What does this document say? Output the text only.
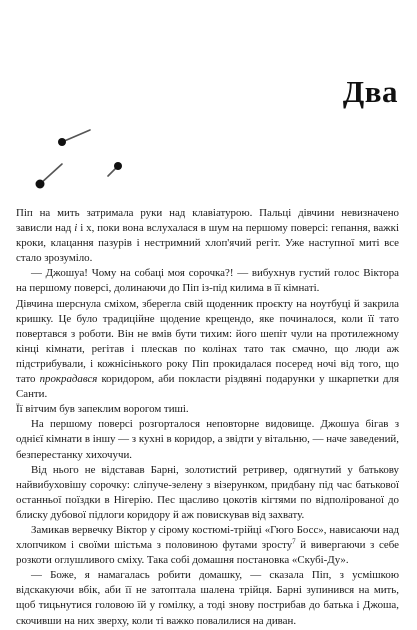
Два

Піп на мить затримала руки над клавіатурою. Пальці дівчини невизначено зависли над і і x, поки вона вслухалася в шум на першому поверсі: гепання, важкі кроки, клацання пазурів і нестримний хлоп'ячий регіт. Уже наступної миті все стало зрозуміло.

— Джошуа! Чому на собаці моя сорочка?! — вибухнув густий голос Віктора на першому поверсі, долинаючи до Піп із-під килима в її кімнаті.

Дівчина шерснула сміхом, зберегла свій щоденник проєкту на ноутбуці й закрила кришку. Це було традиційне щодение крещендо, яке починалося, коли її тато повертався з роботи. Він не вмів бути тихим: його шепіт чули на протилежному кінці кімнати, регітав і плескав по колінах тато так смачно, що люди аж підстрибували, і кожнісінького року Піп прокидалася посеред ночі від того, що тато прокрадався коридором, аби покласти різдвяні подарунки у шкарпетки для Санти.

Її вітчим був запеклим ворогом тиші.

На першому поверсі розгорталося неповторне видовище. Джошуа бігав з однієї кімнати в іншу — з кухні в коридор, а звідти у вітальню, — наче заведений, безперестанку хихочучи.

Від нього не відставав Барні, золотистий ретривер, одягнутий у батькову найвибуховішу сорочку: сліпуче-зелену з візерунком, придбану під час батькової останньої поїздки в Нігерію. Пес щасливо цокотів кігтями по відполірованої до блиску дубової підлоги коридору й аж повискував від захвату.

Замикав вервечку Віктор у сірому костюмі-трійці «Гюго Босс», нависаючи над хлопчиком і своїми шістьма з половиною футами зросту$^7$ й вивергаючи з себе розкоти оглушливого сміху. Така собі домашня постановка «Скубі-Ду».

— Боже, я намагалась робити домашку, — сказала Піп, з усмішкою відскакуючи вбік, аби її не затоптала шалена трійця. Барні зупинився на мить, щоб тицьнутися головою їй у гомілку, а тоді знову пострибав до батька і Джоша, скочивши на них зверху, коли ті важко повалилися на диван.
